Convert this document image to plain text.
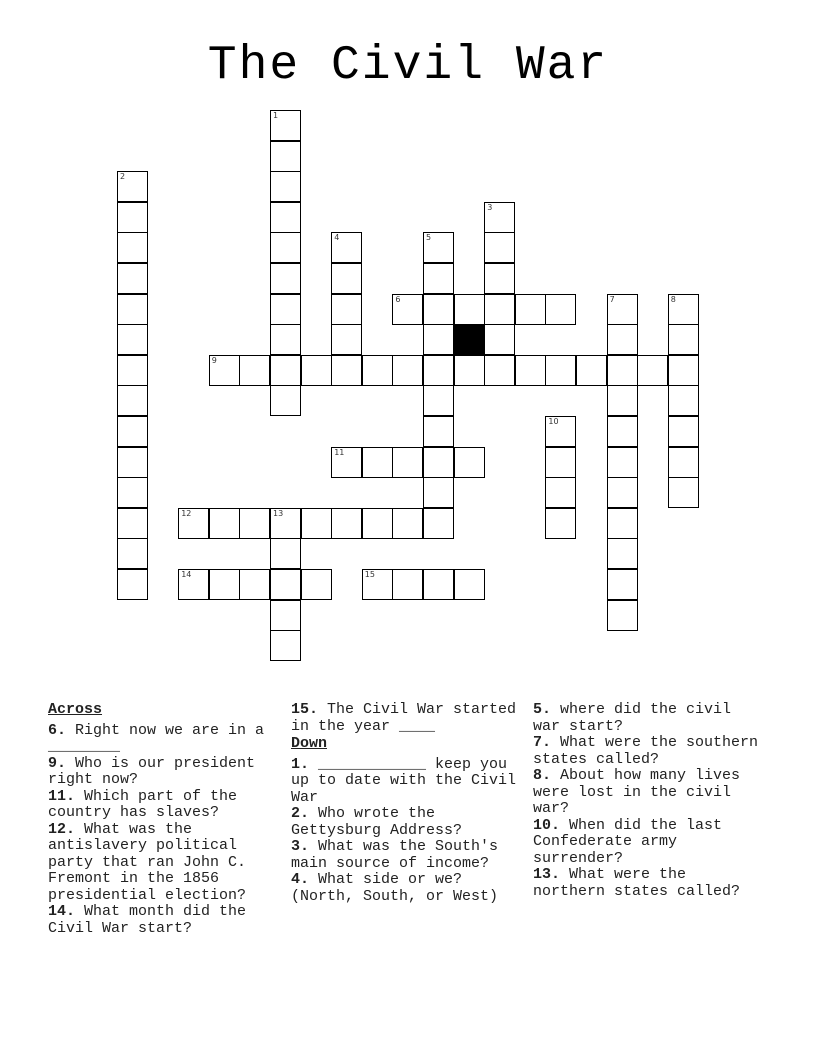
The Civil War
1
2
3
4	5
6	7	8
9
10
11
12	13
14	15
Across
6. Right now we are in a ________
9. Who is our president right now?
11. Which part of the country has slaves?
12. What was the antislavery political party that ran John C. Fremont in the 1856 presidential election?
14. What month did the Civil War start?
15. The Civil War started in the year ____
Down
1. ____________ keep you up to date with the Civil War
2. Who wrote the Gettysburg Address?
3. What was the South's main source of income?
4. What side or we? (North, South, or West)
5. where did the civil war start?
7. What were the southern states called?
8. About how many lives were lost in the civil war?
10. When did the last Confederate army surrender?
13. What were the northern states called?
